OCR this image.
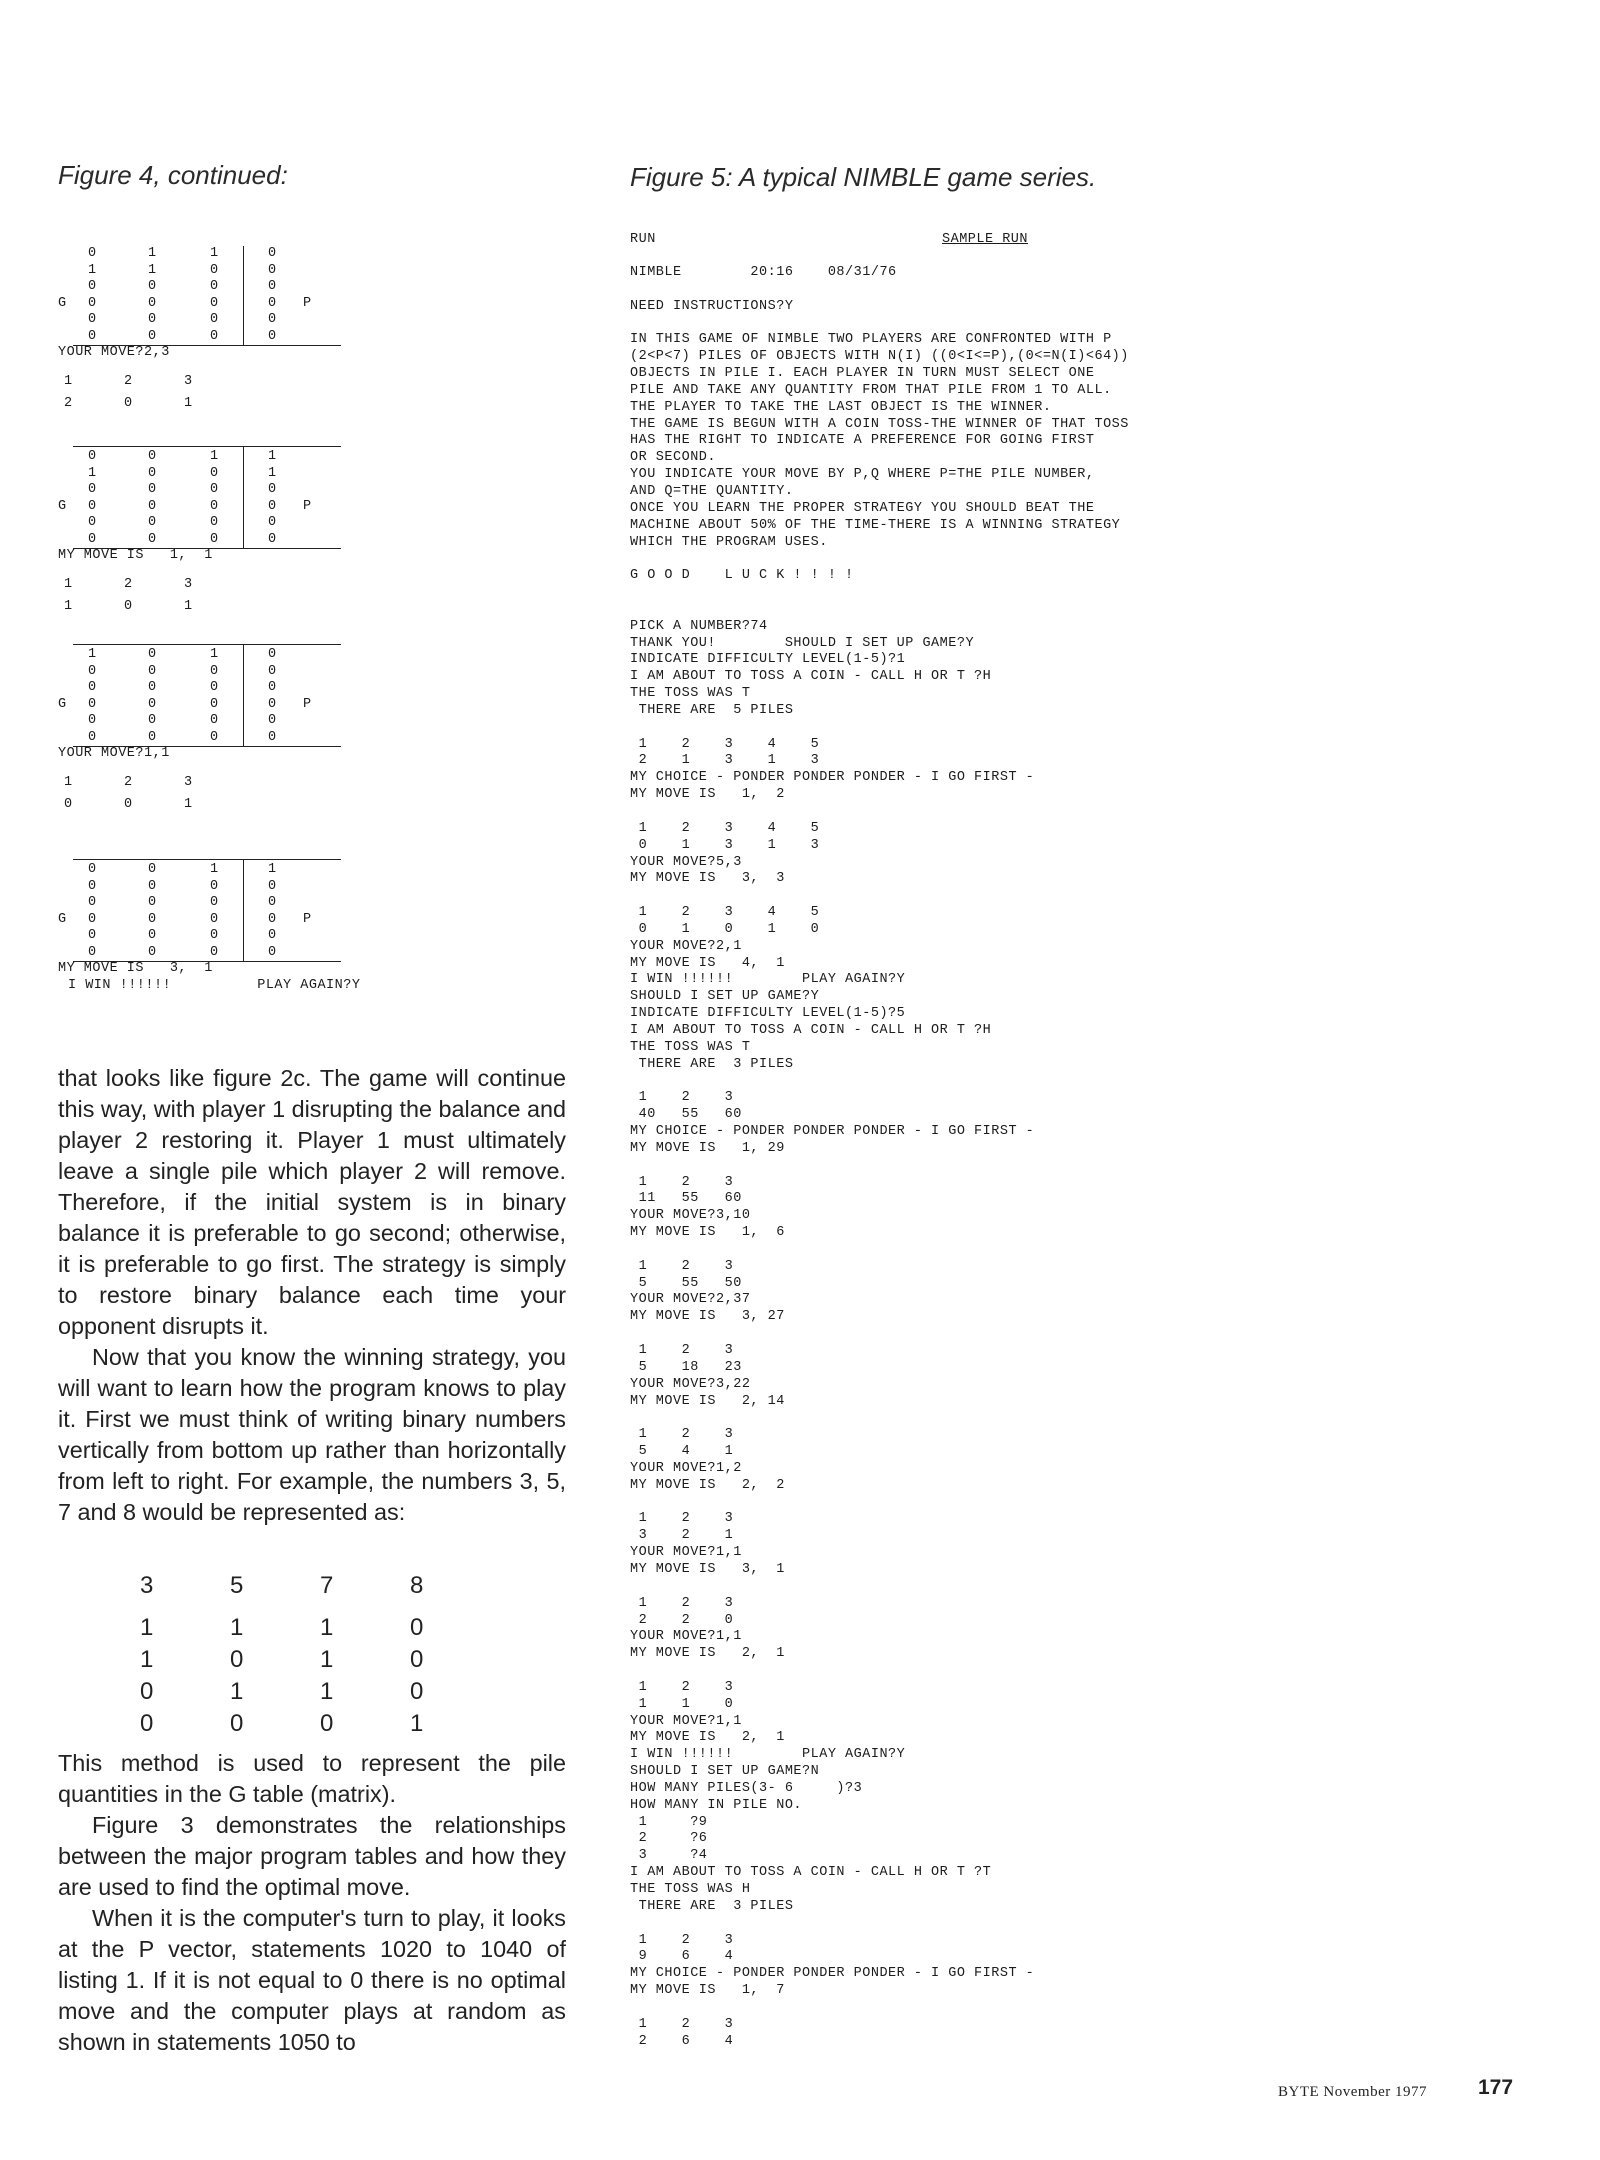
Figure 4, continued:	Figure 5: A typical NIMBLE game series.
0	1	1	0
1	1	0	0
0	0	0	0
0	0	0	0
0	0	0	0
0	0	0	0
G	P
YOUR MOVE?2,3
1	2	3
2	0	1
0	0	1	1
1	0	0	1
0	0	0	0
0	0	0	0
0	0	0	0
0	0	0	0
G	P
MY MOVE IS   1,  1
1	2	3
1	0	1
1	0	1	0
0	0	0	0
0	0	0	0
0	0	0	0
0	0	0	0
0	0	0	0
G	P
YOUR MOVE?1,1
1	2	3
0	0	1
0	0	1	1
0	0	0	0
0	0	0	0
0	0	0	0
0	0	0	0
0	0	0	0
G	P
MY MOVE IS   3,  1
I WIN !!!!!!          PLAY AGAIN?Y

that looks like figure 2c. The game will continue this way, with player 1 disrupting the balance and player 2 restoring it. Player 1 must ultimately leave a single pile which player 2 will remove. Therefore, if the initial system is in binary balance it is preferable to go second; otherwise, it is preferable to go first. The strategy is simply to restore binary balance each time your opponent disrupts it.

Now that you know the winning strategy, you will want to learn how the program knows to play it. First we must think of writing binary numbers vertically from bottom up rather than horizontally from left to right. For example, the numbers 3, 5, 7 and 8 would be represented as:

3	5	7	8
1	1	1	0
1	0	1	0
0	1	1	0
0	0	0	1

This method is used to represent the pile quantities in the G table (matrix).

Figure 3 demonstrates the relationships between the major program tables and how they are used to find the optimal move.

When it is the computer's turn to play, it looks at the P vector, statements 1020 to 1040 of listing 1. If it is not equal to 0 there is no optimal move and the computer plays at random as shown in statements 1050 to

RUN	SAMPLE RUN
NIMBLE        20:16    08/31/76

NEED INSTRUCTIONS?Y

IN THIS GAME OF NIMBLE TWO PLAYERS ARE CONFRONTED WITH P
(2<P<7) PILES OF OBJECTS WITH N(I) ((0<I<=P),(0<=N(I)<64))
OBJECTS IN PILE I. EACH PLAYER IN TURN MUST SELECT ONE
PILE AND TAKE ANY QUANTITY FROM THAT PILE FROM 1 TO ALL.
THE PLAYER TO TAKE THE LAST OBJECT IS THE WINNER.
THE GAME IS BEGUN WITH A COIN TOSS-THE WINNER OF THAT TOSS
HAS THE RIGHT TO INDICATE A PREFERENCE FOR GOING FIRST
OR SECOND.
YOU INDICATE YOUR MOVE BY P,Q WHERE P=THE PILE NUMBER,
AND Q=THE QUANTITY.
ONCE YOU LEARN THE PROPER STRATEGY YOU SHOULD BEAT THE
MACHINE ABOUT 50% OF THE TIME-THERE IS A WINNING STRATEGY
WHICH THE PROGRAM USES.

G O O D    L U C K ! ! ! !

PICK A NUMBER?74
THANK YOU!        SHOULD I SET UP GAME?Y
INDICATE DIFFICULTY LEVEL(1-5)?1
I AM ABOUT TO TOSS A COIN - CALL H OR T ?H
THE TOSS WAS T
THERE ARE  5 PILES

1    2    3    4    5
2    1    3    1    3
MY CHOICE - PONDER PONDER PONDER - I GO FIRST -
MY MOVE IS   1,  2

1    2    3    4    5
0    1    3    1    3
YOUR MOVE?5,3
MY MOVE IS   3,  3

1    2    3    4    5
0    1    0    1    0
YOUR MOVE?2,1
MY MOVE IS   4,  1
I WIN !!!!!!        PLAY AGAIN?Y
SHOULD I SET UP GAME?Y
INDICATE DIFFICULTY LEVEL(1-5)?5
I AM ABOUT TO TOSS A COIN - CALL H OR T ?H
THE TOSS WAS T
THERE ARE  3 PILES

1    2    3
40   55   60
MY CHOICE - PONDER PONDER PONDER - I GO FIRST -
MY MOVE IS   1, 29

1    2    3
11   55   60
YOUR MOVE?3,10
MY MOVE IS   1,  6

1    2    3
5    55   50
YOUR MOVE?2,37
MY MOVE IS   3, 27

1    2    3
5    18   23
YOUR MOVE?3,22
MY MOVE IS   2, 14

1    2    3
5    4    1
YOUR MOVE?1,2
MY MOVE IS   2,  2

1    2    3
3    2    1
YOUR MOVE?1,1
MY MOVE IS   3,  1

1    2    3
2    2    0
YOUR MOVE?1,1
MY MOVE IS   2,  1

1    2    3
1    1    0
YOUR MOVE?1,1
MY MOVE IS   2,  1
I WIN !!!!!!        PLAY AGAIN?Y
SHOULD I SET UP GAME?N
HOW MANY PILES(3- 6     )?3
HOW MANY IN PILE NO.
1     ?9
2     ?6
3     ?4
I AM ABOUT TO TOSS A COIN - CALL H OR T ?T
THE TOSS WAS H
THERE ARE  3 PILES

1    2    3
9    6    4
MY CHOICE - PONDER PONDER PONDER - I GO FIRST -
MY MOVE IS   1,  7

1    2    3
2    6    4
BYTE November 1977 177
